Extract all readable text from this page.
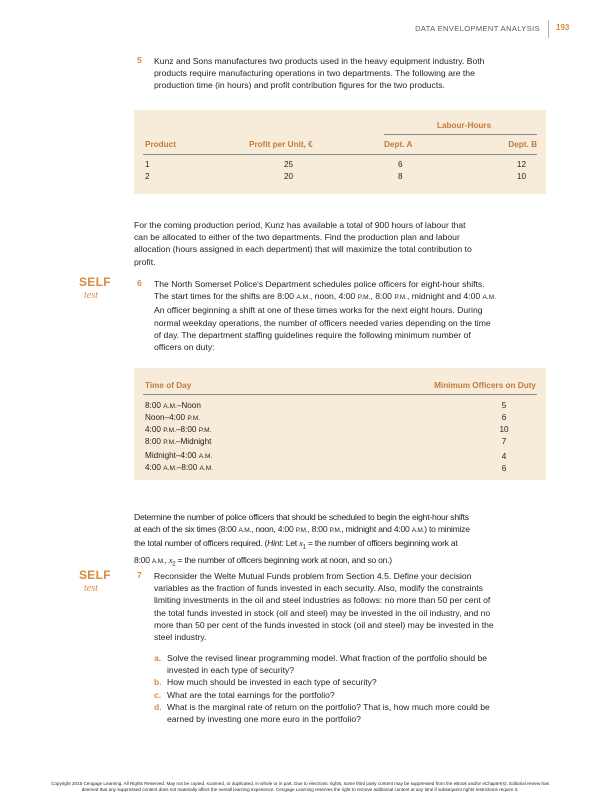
DATA ENVELOPMENT ANALYSIS 193
5 Kunz and Sons manufactures two products used in the heavy equipment industry. Both
products require manufacturing operations in two departments. The following are the
production time (in hours) and profit contribution figures for the two products.
Labour-Hours
Product	Profit per Unit, €	Dept. A	Dept. B
1	25	6	12
2	20	8	10
For the coming production period, Kunz has available a total of 900 hours of labour that
can be allocated to either of the two departments. Find the production plan and labour
allocation (hours assigned in each department) that will maximize the total contribution to
profit.
SELF
test
6 The North Somerset Police's Department schedules police officers for eight-hour shifts.
The start times for the shifts are 8:00 A.M., noon, 4:00 P.M., 8:00 P.M., midnight and 4:00 A.M.
An officer beginning a shift at one of these times works for the next eight hours. During
normal weekday operations, the number of officers needed varies depending on the time
of day. The department staffing guidelines require the following minimum number of
officers on duty:
Time of Day	Minimum Officers on Duty
8:00 A.M.–Noon	5
Noon–4:00 P.M.	6
4:00 P.M.–8:00 P.M.	10
8:00 P.M.–Midnight	7
Midnight–4:00 A.M.	4
4:00 A.M.–8:00 A.M.	6
Determine the number of police officers that should be scheduled to begin the eight-hour shifts
at each of the six times (8:00 A.M., noon, 4:00 P.M., 8:00 P.M., midnight and 4:00 A.M.) to minimize
the total number of officers required. (Hint: Let $x_1$ = the number of officers beginning work at
8:00 A.M., $x_2$ = the number of officers beginning work at noon, and so on.)
SELF
test
7 Reconsider the Welte Mutual Funds problem from Section 4.5. Define your decision
variables as the fraction of funds invested in each security. Also, modify the constraints
limiting investments in the oil and steel industries as follows: no more than 50 per cent of
the total funds invested in stock (oil and steel) may be invested in the oil industry, and no
more than 50 per cent of the funds invested in stock (oil and steel) may be invested in the
steel industry.
a. Solve the revised linear programming model. What fraction of the portfolio should be
invested in each type of security?
b. How much should be invested in each type of security?
c. What are the total earnings for the portfolio?
d. What is the marginal rate of return on the portfolio? That is, how much more could be
earned by investing one more euro in the portfolio?
Copyright 2016 Cengage Learning. All Rights Reserved. May not be copied, scanned, or duplicated, in whole or in part. Due to electronic rights, some third party content may be suppressed from the eBook and/or eChapter(s). Editorial review has
deemed that any suppressed content does not materially affect the overall learning experience. Cengage Learning reserves the right to remove additional content at any time if subsequent rights restrictions require it.
